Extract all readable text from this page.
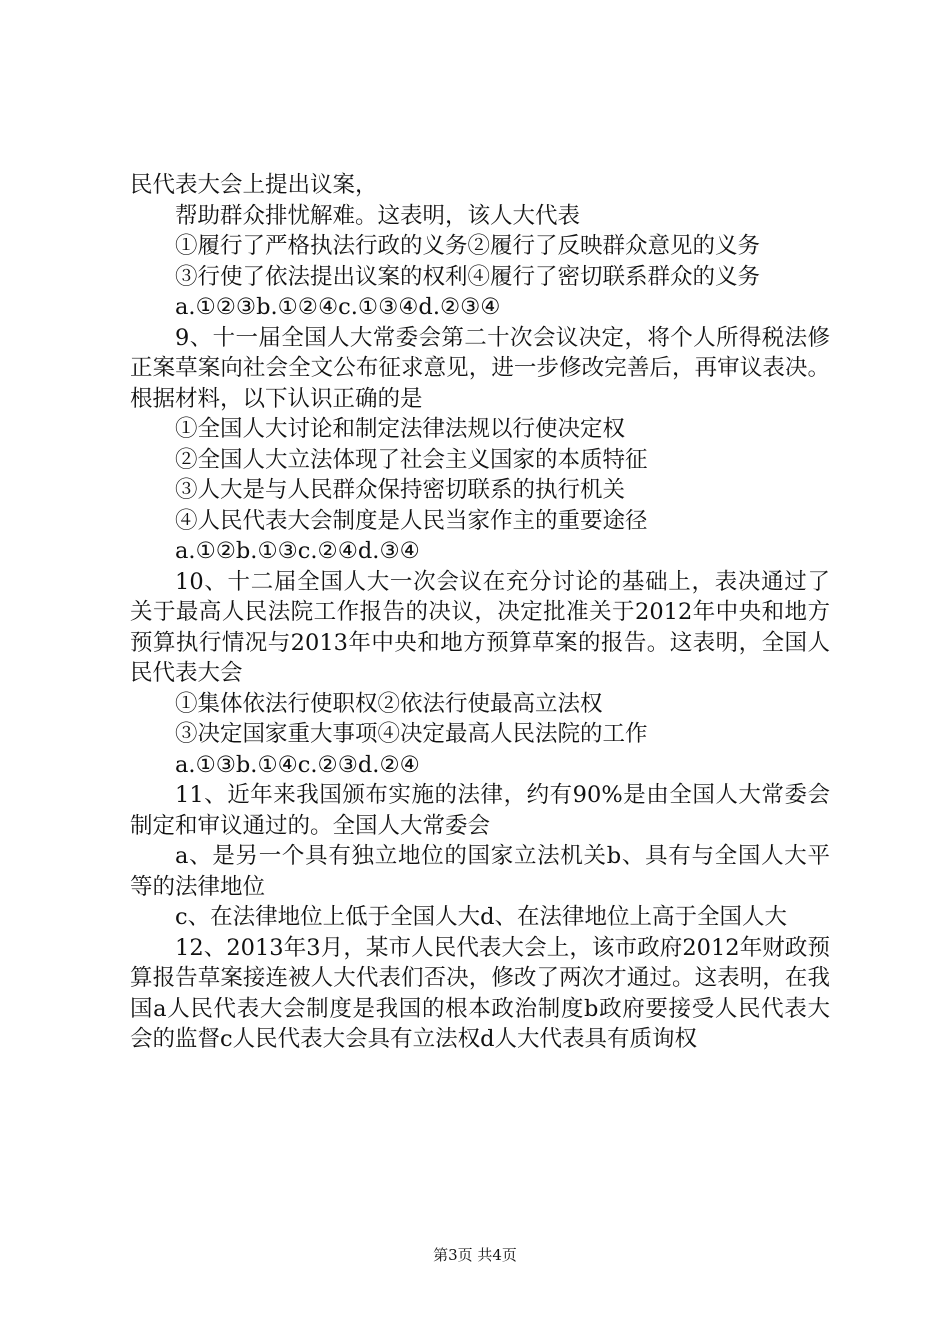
民代表大会上提出议案，

帮助群众排忧解难。这表明，该人大代表

①履行了严格执法行政的义务②履行了反映群众意见的义务

③行使了依法提出议案的权利④履行了密切联系群众的义务

a.①②③b.①②④c.①③④d.②③④

9、十一届全国人大常委会第二十次会议决定，将个人所得税法修正案草案向社会全文公布征求意见，进一步修改完善后，再审议表决。根据材料，以下认识正确的是

①全国人大讨论和制定法律法规以行使决定权

②全国人大立法体现了社会主义国家的本质特征

③人大是与人民群众保持密切联系的执行机关

④人民代表大会制度是人民当家作主的重要途径

a.①②b.①③c.②④d.③④

10、十二届全国人大一次会议在充分讨论的基础上，表决通过了关于最高人民法院工作报告的决议，决定批准关于2012年中央和地方预算执行情况与2013年中央和地方预算草案的报告。这表明，全国人民代表大会

①集体依法行使职权②依法行使最高立法权

③决定国家重大事项④决定最高人民法院的工作

a.①③b.①④c.②③d.②④

11、近年来我国颁布实施的法律，约有90%是由全国人大常委会制定和审议通过的。全国人大常委会

a、是另一个具有独立地位的国家立法机关b、具有与全国人大平等的法律地位

c、在法律地位上低于全国人大d、在法律地位上高于全国人大

12、2013年3月，某市人民代表大会上，该市政府2012年财政预算报告草案接连被人大代表们否决，修改了两次才通过。这表明，在我国a人民代表大会制度是我国的根本政治制度b政府要接受人民代表大会的监督c人民代表大会具有立法权d人大代表具有质询权

第3页 共4页
